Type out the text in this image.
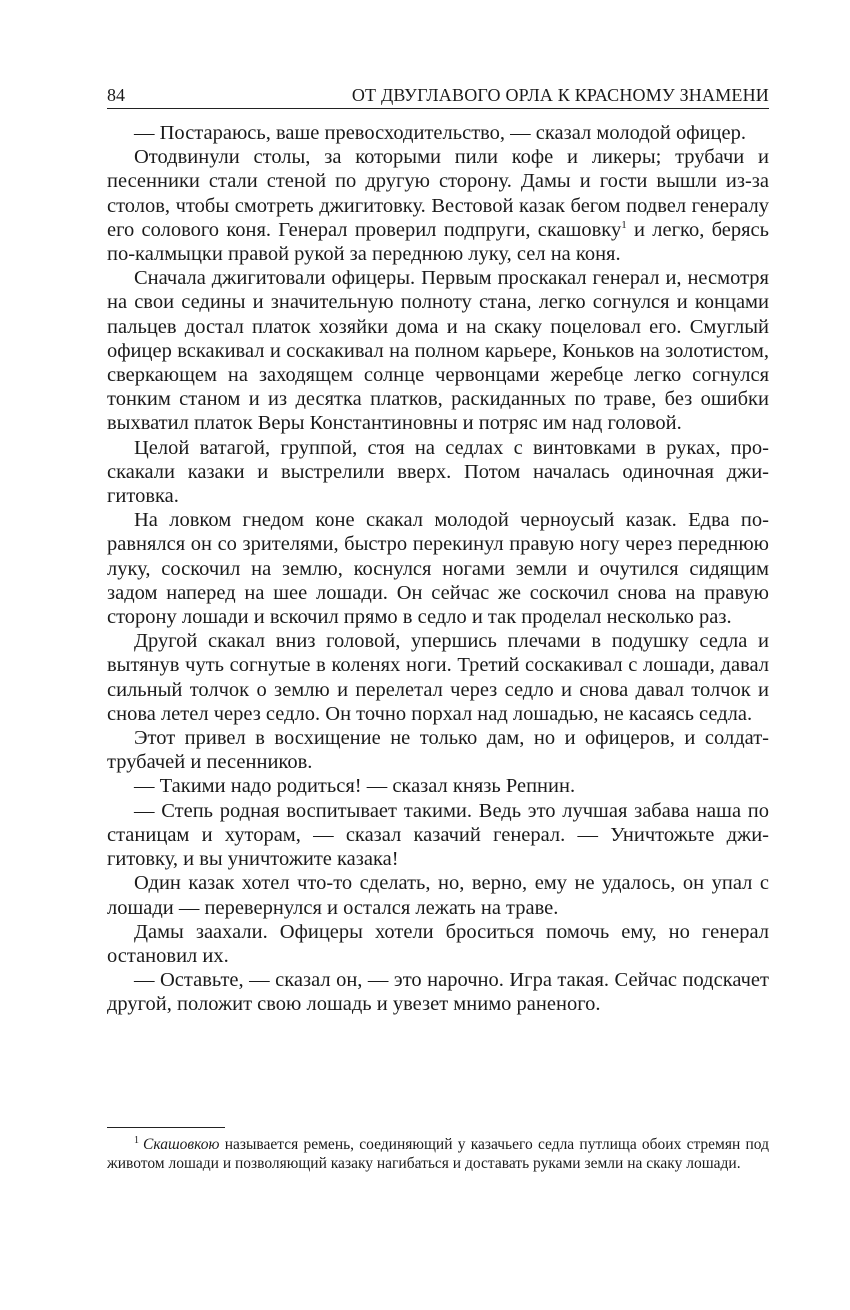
84	ОТ ДВУГЛАВОГО ОРЛА К КРАСНОМУ ЗНАМЕНИ

— Постараюсь, ваше превосходительство, — сказал молодой офицер.

Отодвинули столы, за которыми пили кофе и ликеры; трубачи и песенники стали стеной по другую сторону. Дамы и гости вышли из-за столов, чтобы смотреть джигитовку. Вестовой казак бегом подвел генералу его солового коня. Генерал проверил подпруги, скашовку$^1$ и легко, берясь по-калмыцки правой рукой за переднюю луку, сел на коня.

Сначала джигитовали офицеры. Первым проскакал генерал и, несмотря на свои седины и значительную полноту стана, легко согнулся и концами пальцев достал платок хозяйки дома и на скаку поцеловал его. Смуглый офицер вскакивал и соскакивал на полном карьере, Коньков на золотистом, сверкающем на заходящем солнце червонцами жеребце легко согнулся тонким станом и из десятка платков, раскиданных по траве, без ошибки выхватил платок Веры Константиновны и потряс им над головой.

Целой ватагой, группой, стоя на седлах с винтовками в руках, проскакали казаки и выстрелили вверх. Потом началась одиночная джигитовка.

На ловком гнедом коне скакал молодой черноусый казак. Едва поравнялся он со зрителями, быстро перекинул правую ногу через переднюю луку, соскочил на землю, коснулся ногами земли и очутился сидящим задом наперед на шее лошади. Он сейчас же соскочил снова на правую сторону лошади и вскочил прямо в седло и так проделал несколько раз.

Другой скакал вниз головой, упершись плечами в подушку седла и вытянув чуть согнутые в коленях ноги. Третий соскакивал с лошади, давал сильный толчок о землю и перелетал через седло и снова давал толчок и снова летел через седло. Он точно порхал над лошадью, не касаясь седла.

Этот привел в восхищение не только дам, но и офицеров, и солдат-трубачей и песенников.

— Такими надо родиться! — сказал князь Репнин.

— Степь родная воспитывает такими. Ведь это лучшая забава наша по станицам и хуторам, — сказал казачий генерал. — Уничтожьте джигитовку, и вы уничтожите казака!

Один казак хотел что-то сделать, но, верно, ему не удалось, он упал с лошади — перевернулся и остался лежать на траве.

Дамы заахали. Офицеры хотели броситься помочь ему, но генерал остановил их.

— Оставьте, — сказал он, — это нарочно. Игра такая. Сейчас подскачет другой, положит свою лошадь и увезет мнимо раненого.

$^1$ Скашовкою называется ремень, соединяющий у казачьего седла путлища обоих стремян под животом лошади и позволяющий казаку нагибаться и доставать руками земли на скаку лошади.
